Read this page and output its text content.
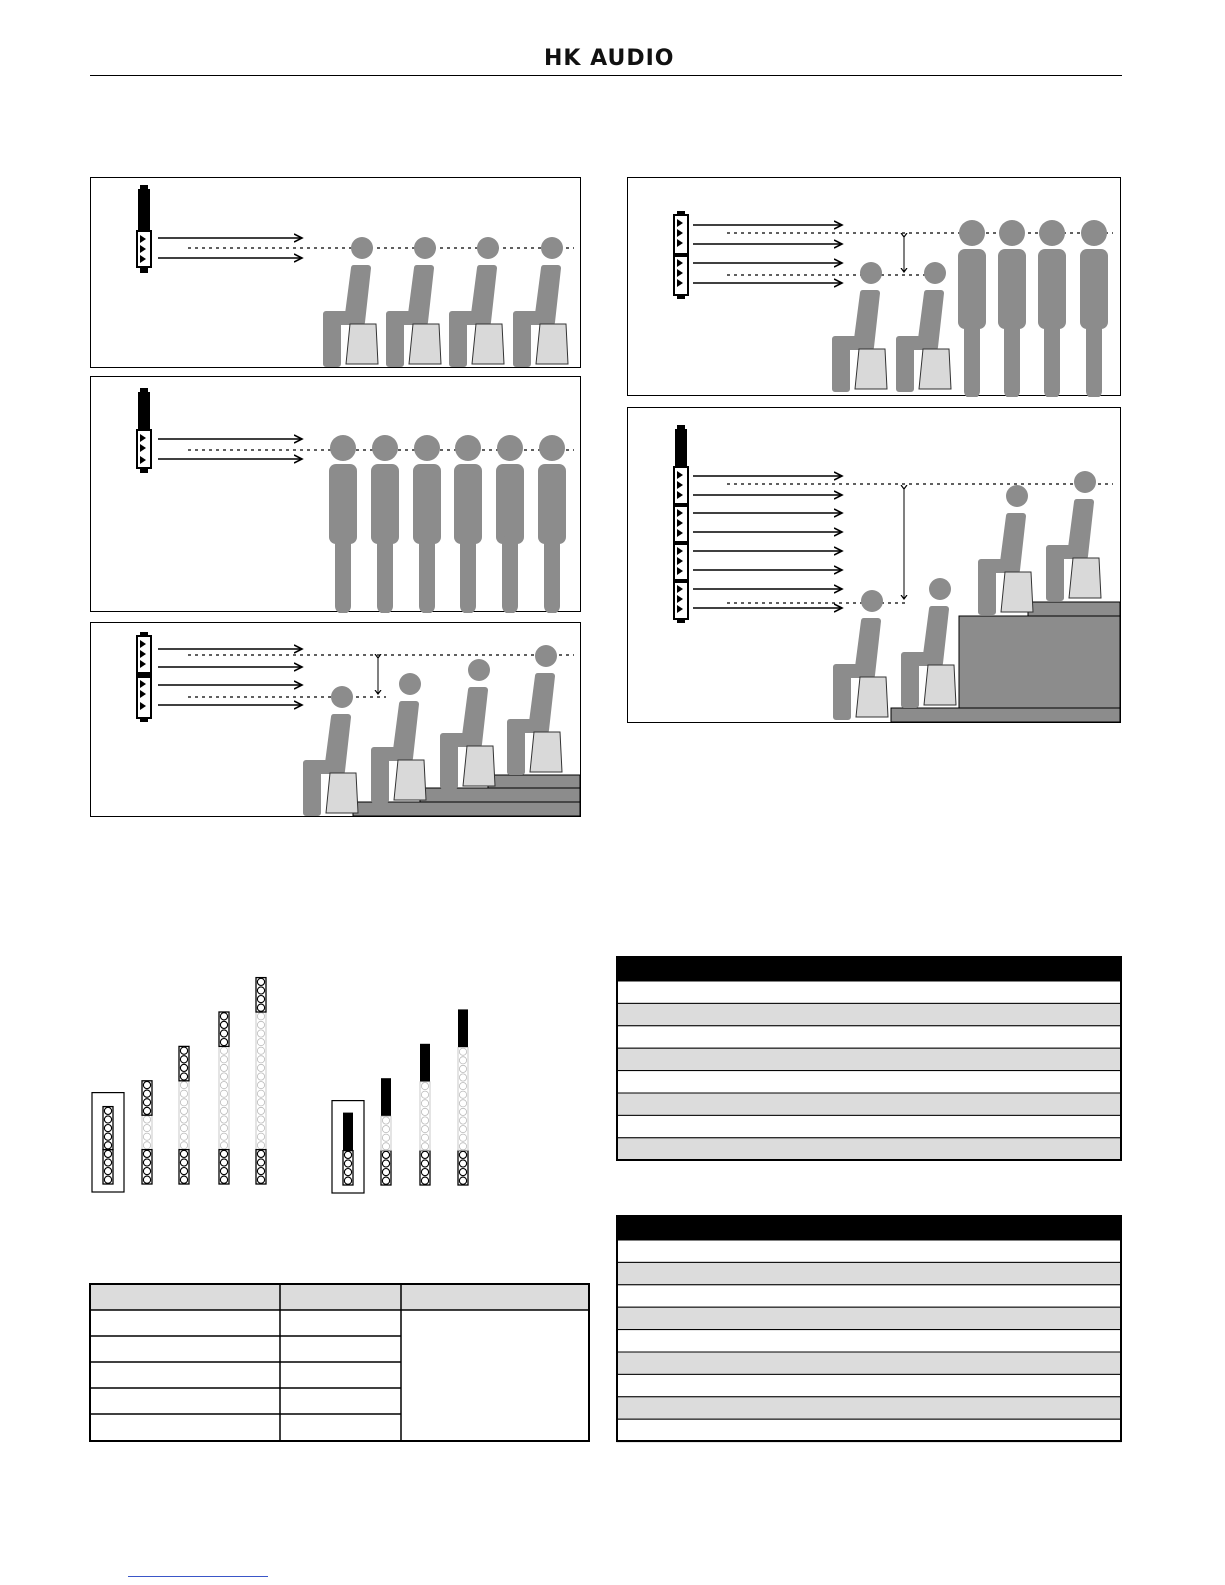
HK AUDIO
